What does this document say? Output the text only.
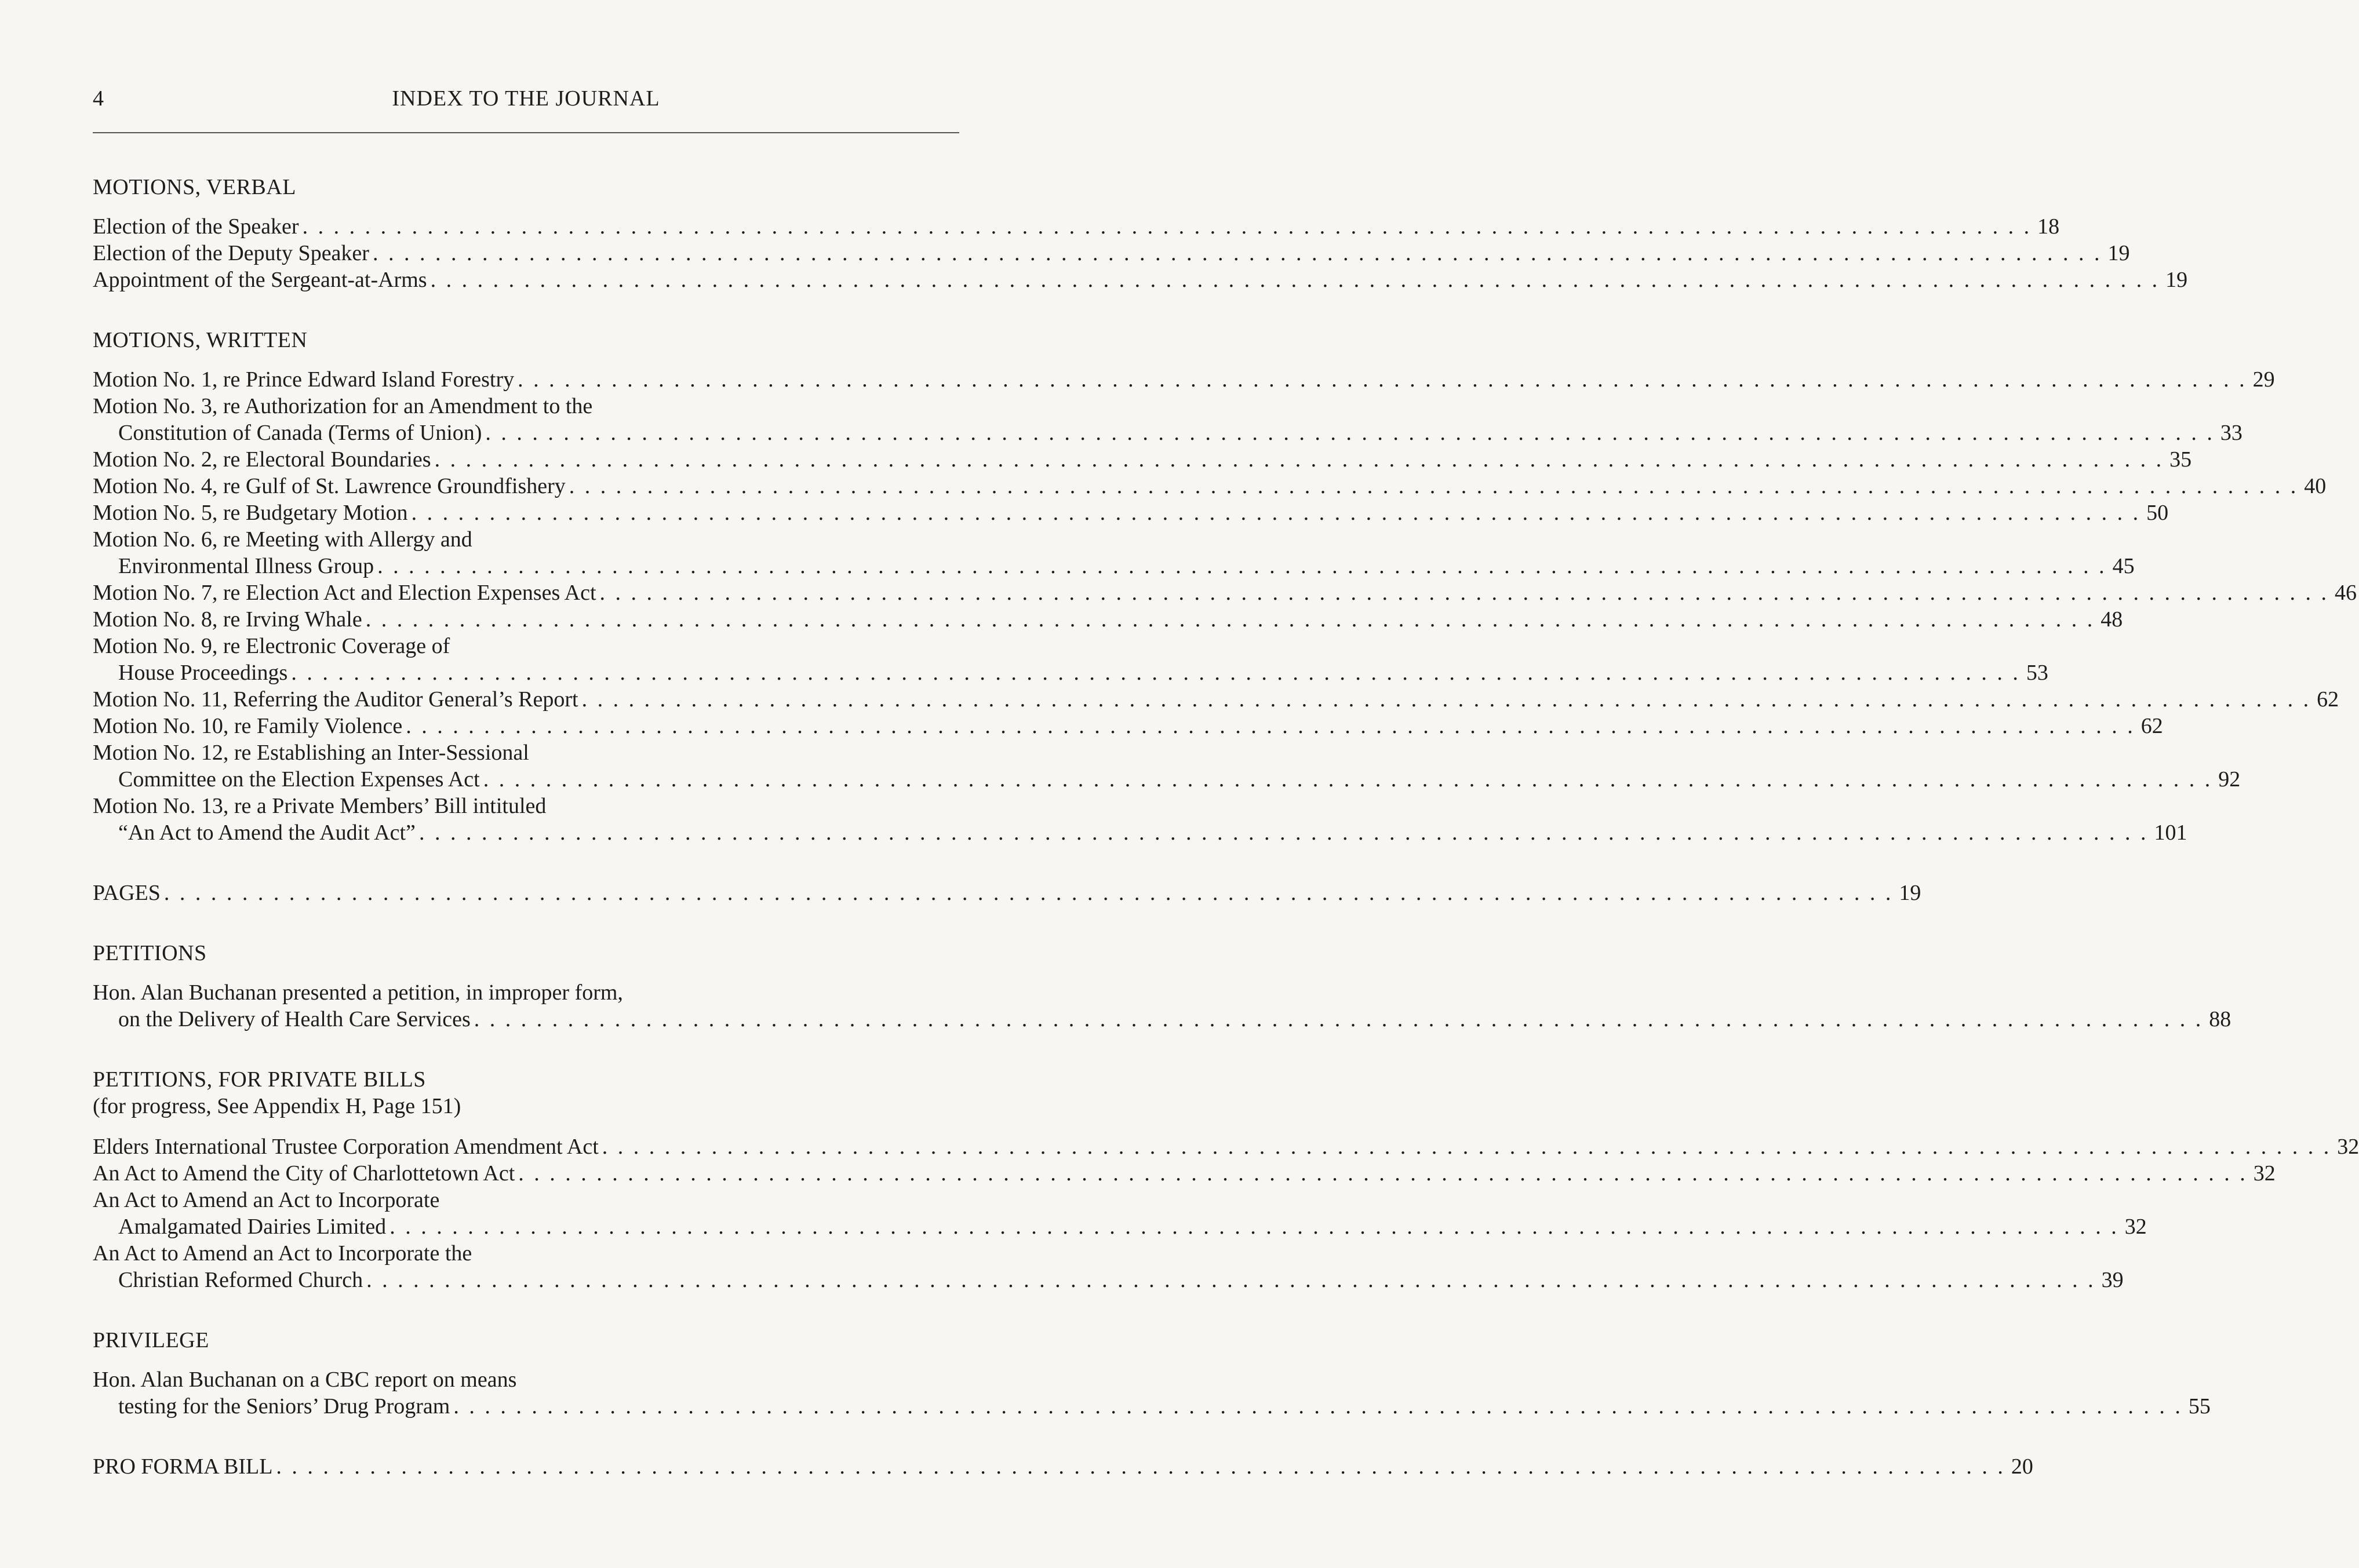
4	INDEX TO THE JOURNAL
MOTIONS, VERBAL
Election of the Speaker . . . . . . . . . . . . . . . . . . . . . . . . . . . . . . . . . . . . . . . . . . . . . . . . . . . . . . . . . . . . . . . . . . . . . . . . . . . . . . . . . . . . . . . . . . . . . . . . . . . . . . . . . . . . . . . 18
Election of the Deputy Speaker . . . . . . . . . . . . . . . . . . . . . . . . . . . . . . . . . . . . . . . . . . . . . . . . . . . . . . . . . . . . . . . . . . . . . . . . . . . . . . . . . . . . . . . . . . . . . . . . . . . . . . . . . . . . . . . 19
Appointment of the Sergeant-at-Arms . . . . . . . . . . . . . . . . . . . . . . . . . . . . . . . . . . . . . . . . . . . . . . . . . . . . . . . . . . . . . . . . . . . . . . . . . . . . . . . . . . . . . . . . . . . . . . . . . . . . . . . . . . . . . . . 19
MOTIONS, WRITTEN
Motion No. 1, re Prince Edward Island Forestry . . . . . . . . . . . . . . . . . . . . . . . . . . . . . . . . . . . . . . . . . . . . . . . . . . . . . . . . . . . . . . . . . . . . . . . . . . . . . . . . . . . . . . . . . . . . . . . . . . . . . . . . . . . . . . . 29
Motion No. 3, re Authorization for an Amendment to the
Constitution of Canada (Terms of Union) . . . . . . . . . . . . . . . . . . . . . . . . . . . . . . . . . . . . . . . . . . . . . . . . . . . . . . . . . . . . . . . . . . . . . . . . . . . . . . . . . . . . . . . . . . . . . . . . . . . . . . . . . . . . . . . 33
Motion No. 2, re Electoral Boundaries . . . . . . . . . . . . . . . . . . . . . . . . . . . . . . . . . . . . . . . . . . . . . . . . . . . . . . . . . . . . . . . . . . . . . . . . . . . . . . . . . . . . . . . . . . . . . . . . . . . . . . . . . . . . . . . 35
Motion No. 4, re Gulf of St. Lawrence Groundfishery . . . . . . . . . . . . . . . . . . . . . . . . . . . . . . . . . . . . . . . . . . . . . . . . . . . . . . . . . . . . . . . . . . . . . . . . . . . . . . . . . . . . . . . . . . . . . . . . . . . . . . . . . . . . . . . 40
Motion No. 5, re Budgetary Motion . . . . . . . . . . . . . . . . . . . . . . . . . . . . . . . . . . . . . . . . . . . . . . . . . . . . . . . . . . . . . . . . . . . . . . . . . . . . . . . . . . . . . . . . . . . . . . . . . . . . . . . . . . . . . . . 50
Motion No. 6, re Meeting with Allergy and
Environmental Illness Group . . . . . . . . . . . . . . . . . . . . . . . . . . . . . . . . . . . . . . . . . . . . . . . . . . . . . . . . . . . . . . . . . . . . . . . . . . . . . . . . . . . . . . . . . . . . . . . . . . . . . . . . . . . . . . . 45
Motion No. 7, re Election Act and Election Expenses Act . . . . . . . . . . . . . . . . . . . . . . . . . . . . . . . . . . . . . . . . . . . . . . . . . . . . . . . . . . . . . . . . . . . . . . . . . . . . . . . . . . . . . . . . . . . . . . . . . . . . . . . . . . . . . . . 46
Motion No. 8, re Irving Whale . . . . . . . . . . . . . . . . . . . . . . . . . . . . . . . . . . . . . . . . . . . . . . . . . . . . . . . . . . . . . . . . . . . . . . . . . . . . . . . . . . . . . . . . . . . . . . . . . . . . . . . . . . . . . . . 48
Motion No. 9, re Electronic Coverage of
House Proceedings . . . . . . . . . . . . . . . . . . . . . . . . . . . . . . . . . . . . . . . . . . . . . . . . . . . . . . . . . . . . . . . . . . . . . . . . . . . . . . . . . . . . . . . . . . . . . . . . . . . . . . . . . . . . . . . 53
Motion No. 11, Referring the Auditor General’s Report . . . . . . . . . . . . . . . . . . . . . . . . . . . . . . . . . . . . . . . . . . . . . . . . . . . . . . . . . . . . . . . . . . . . . . . . . . . . . . . . . . . . . . . . . . . . . . . . . . . . . . . . . . . . . . . 62
Motion No. 10, re Family Violence . . . . . . . . . . . . . . . . . . . . . . . . . . . . . . . . . . . . . . . . . . . . . . . . . . . . . . . . . . . . . . . . . . . . . . . . . . . . . . . . . . . . . . . . . . . . . . . . . . . . . . . . . . . . . . . 62
Motion No. 12, re Establishing an Inter-Sessional
Committee on the Election Expenses Act . . . . . . . . . . . . . . . . . . . . . . . . . . . . . . . . . . . . . . . . . . . . . . . . . . . . . . . . . . . . . . . . . . . . . . . . . . . . . . . . . . . . . . . . . . . . . . . . . . . . . . . . . . . . . . . 92
Motion No. 13, re a Private Members’ Bill intituled
“An Act to Amend the Audit Act” . . . . . . . . . . . . . . . . . . . . . . . . . . . . . . . . . . . . . . . . . . . . . . . . . . . . . . . . . . . . . . . . . . . . . . . . . . . . . . . . . . . . . . . . . . . . . . . . . . . . . . . . . . . . . . . 101
PAGES . . . . . . . . . . . . . . . . . . . . . . . . . . . . . . . . . . . . . . . . . . . . . . . . . . . . . . . . . . . . . . . . . . . . . . . . . . . . . . . . . . . . . . . . . . . . . . . . . . . . . . . . . . . . . . . 19
PETITIONS
Hon. Alan Buchanan presented a petition, in improper form,
on the Delivery of Health Care Services . . . . . . . . . . . . . . . . . . . . . . . . . . . . . . . . . . . . . . . . . . . . . . . . . . . . . . . . . . . . . . . . . . . . . . . . . . . . . . . . . . . . . . . . . . . . . . . . . . . . . . . . . . . . . . . 88
PETITIONS, FOR PRIVATE BILLS
(for progress, See Appendix H, Page 151)
Elders International Trustee Corporation Amendment Act . . . . . . . . . . . . . . . . . . . . . . . . . . . . . . . . . . . . . . . . . . . . . . . . . . . . . . . . . . . . . . . . . . . . . . . . . . . . . . . . . . . . . . . . . . . . . . . . . . . . . . . . . . . . . . . 32
An Act to Amend the City of Charlottetown Act . . . . . . . . . . . . . . . . . . . . . . . . . . . . . . . . . . . . . . . . . . . . . . . . . . . . . . . . . . . . . . . . . . . . . . . . . . . . . . . . . . . . . . . . . . . . . . . . . . . . . . . . . . . . . . . 32
An Act to Amend an Act to Incorporate
Amalgamated Dairies Limited . . . . . . . . . . . . . . . . . . . . . . . . . . . . . . . . . . . . . . . . . . . . . . . . . . . . . . . . . . . . . . . . . . . . . . . . . . . . . . . . . . . . . . . . . . . . . . . . . . . . . . . . . . . . . . . 32
An Act to Amend an Act to Incorporate the
Christian Reformed Church . . . . . . . . . . . . . . . . . . . . . . . . . . . . . . . . . . . . . . . . . . . . . . . . . . . . . . . . . . . . . . . . . . . . . . . . . . . . . . . . . . . . . . . . . . . . . . . . . . . . . . . . . . . . . . . 39
PRIVILEGE
Hon. Alan Buchanan on a CBC report on means
testing for the Seniors’ Drug Program . . . . . . . . . . . . . . . . . . . . . . . . . . . . . . . . . . . . . . . . . . . . . . . . . . . . . . . . . . . . . . . . . . . . . . . . . . . . . . . . . . . . . . . . . . . . . . . . . . . . . . . . . . . . . . . 55
PRO FORMA BILL . . . . . . . . . . . . . . . . . . . . . . . . . . . . . . . . . . . . . . . . . . . . . . . . . . . . . . . . . . . . . . . . . . . . . . . . . . . . . . . . . . . . . . . . . . . . . . . . . . . . . . . . . . . . . . . 20
